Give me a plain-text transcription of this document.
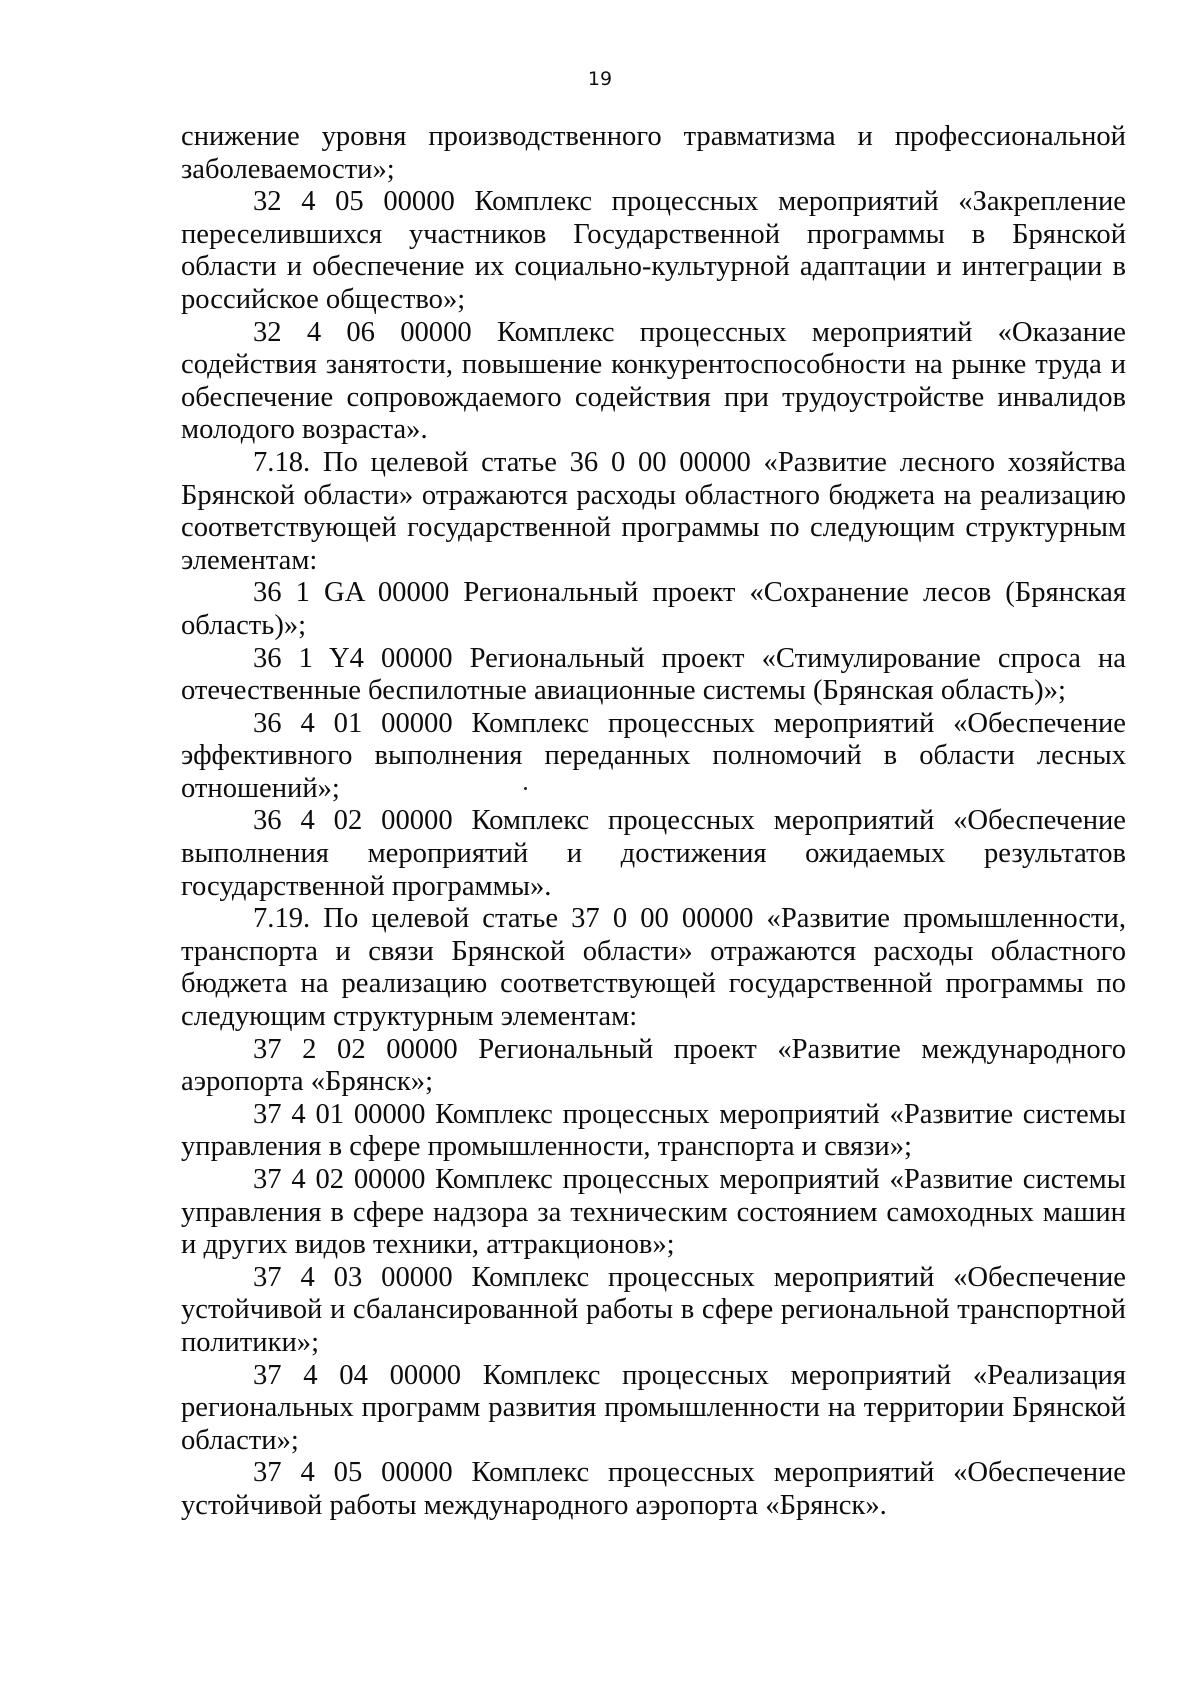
19

снижение уровня производственного травматизма и профессиональной заболеваемости»;

32 4 05 00000 Комплекс процессных мероприятий «Закрепление переселившихся участников Государственной программы в Брянской области и обеспечение их социально-культурной адаптации и интеграции в российское общество»;

32 4 06 00000 Комплекс процессных мероприятий «Оказание содействия занятости, повышение конкурентоспособности на рынке труда и обеспечение сопровождаемого содействия при трудоустройстве инвалидов молодого возраста».

7.18. По целевой статье 36 0 00 00000 «Развитие лесного хозяйства Брянской области» отражаются расходы областного бюджета на реализацию соответствующей государственной программы по следующим структурным элементам:

36 1 GA 00000 Региональный проект «Сохранение лесов (Брянская область)»;

36 1 Y4 00000 Региональный проект «Стимулирование спроса на отечественные беспилотные авиационные системы (Брянская область)»;

36 4 01 00000 Комплекс процессных мероприятий «Обеспечение эффективного выполнения переданных полномочий в области лесных отношений»;

36 4 02 00000 Комплекс процессных мероприятий «Обеспечение выполнения мероприятий и достижения ожидаемых результатов государственной программы».

7.19. По целевой статье 37 0 00 00000 «Развитие промышленности, транспорта и связи Брянской области» отражаются расходы областного бюджета на реализацию соответствующей государственной программы по следующим структурным элементам:

37 2 02 00000 Региональный проект «Развитие международного аэропорта «Брянск»;

37 4 01 00000 Комплекс процессных мероприятий «Развитие системы управления в сфере промышленности, транспорта и связи»;

37 4 02 00000 Комплекс процессных мероприятий «Развитие системы управления в сфере надзора за техническим состоянием самоходных машин и других видов техники, аттракционов»;

37 4 03 00000 Комплекс процессных мероприятий «Обеспечение устойчивой и сбалансированной работы в сфере региональной транспортной политики»;

37 4 04 00000 Комплекс процессных мероприятий «Реализация региональных программ развития промышленности на территории Брянской области»;

37 4 05 00000 Комплекс процессных мероприятий «Обеспечение устойчивой работы международного аэропорта «Брянск».
